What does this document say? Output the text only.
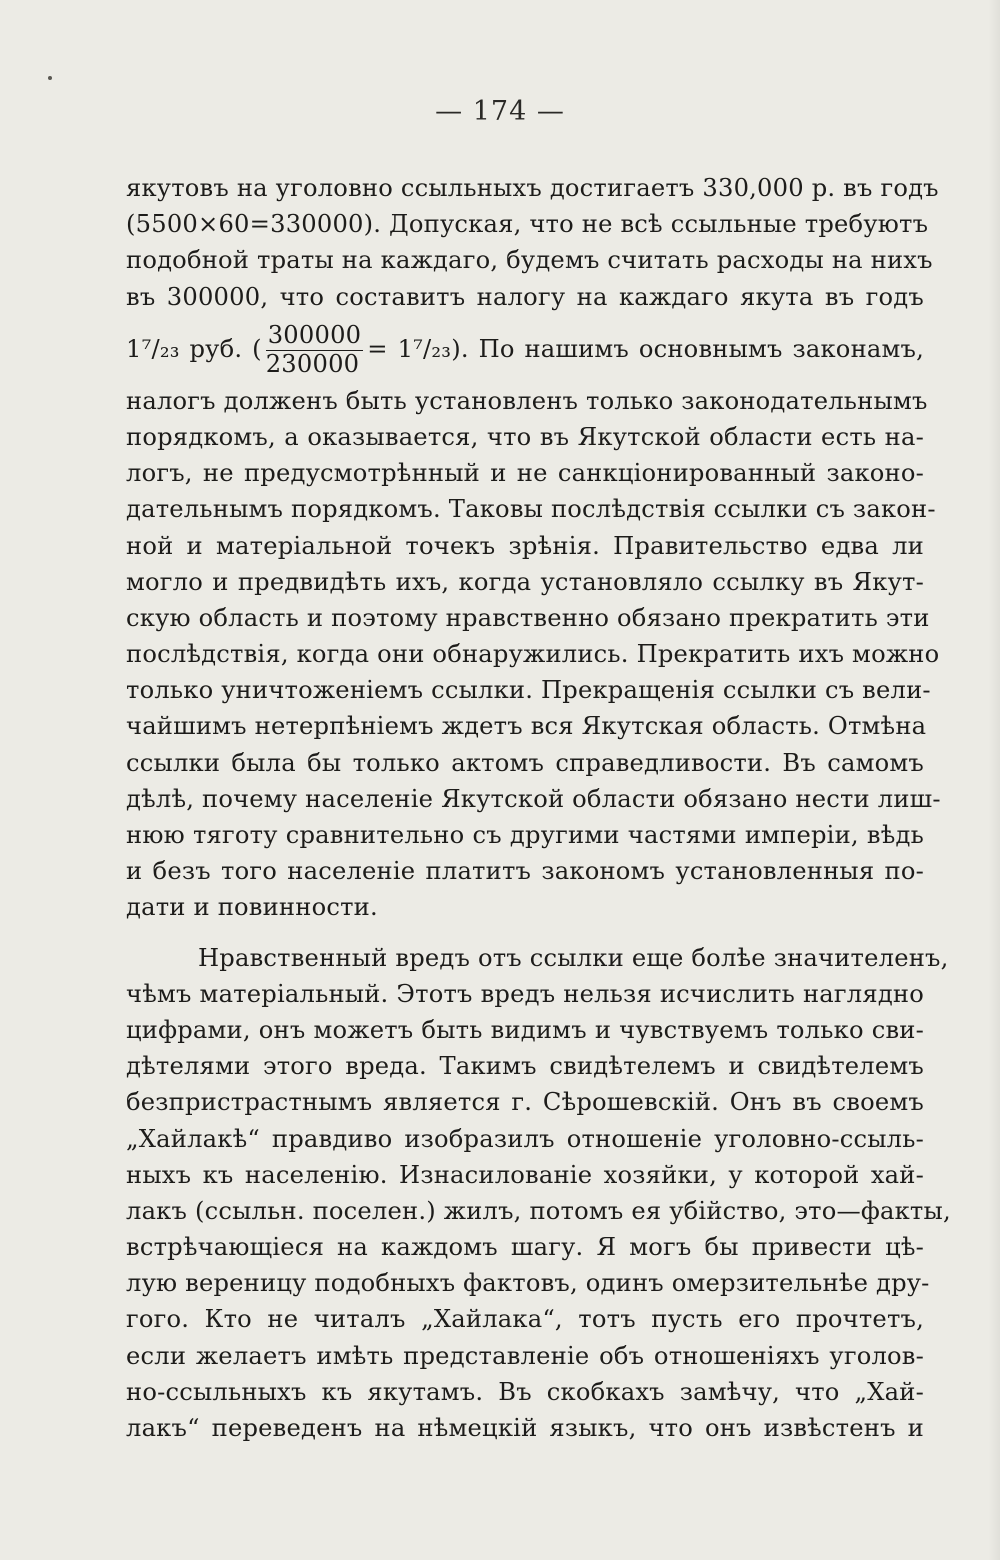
— 174 —
якутовъ на уголовно ссыльныхъ достигаетъ 330,000 р. въ годъ
(5500×60=330000). Допуская, что не всѣ ссыльные требуютъ
подобной траты на каждаго, будемъ считать расходы на нихъ
въ 300000, что составитъ налогу на каждаго якута въ годъ
1⁷/₂₃ руб. ( $\frac{300000}{230000} = 1^7/_{23}$). По нашимъ основнымъ законамъ,
налогъ долженъ быть установленъ только законодательнымъ
порядкомъ, а оказывается, что въ Якутской области есть на-
логъ, не предусмотрѣнный и не санкціонированный законо-
дательнымъ порядкомъ. Таковы послѣдствія ссылки съ закон-
ной и матеріальной точекъ зрѣнія. Правительство едва ли
могло и предвидѣть ихъ, когда установляло ссылку въ Якут-
скую область и поэтому нравственно обязано прекратить эти
послѣдствія, когда они обнаружились. Прекратить ихъ можно
только уничтоженіемъ ссылки. Прекращенія ссылки съ вели-
чайшимъ нетерпѣніемъ ждетъ вся Якутская область. Отмѣна
ссылки была бы только актомъ справедливости. Въ самомъ
дѣлѣ, почему населеніе Якутской области обязано нести лиш-
нюю тяготу сравнительно съ другими частями имперіи, вѣдь
и безъ того населеніе платитъ закономъ установленныя по-
дати и повинности.
Нравственный вредъ отъ ссылки еще болѣе значителенъ,
чѣмъ матеріальный. Этотъ вредъ нельзя исчислить наглядно
цифрами, онъ можетъ быть видимъ и чувствуемъ только сви-
дѣтелями этого вреда. Такимъ свидѣтелемъ и свидѣтелемъ
безпристрастнымъ является г. Сѣрошевскій. Онъ въ своемъ
„Хайлакѣ“ правдиво изобразилъ отношеніе уголовно-ссыль-
ныхъ къ населенію. Изнасилованіе хозяйки, у которой хай-
лакъ (ссыльн. поселен.) жилъ, потомъ ея убійство, это—факты,
встрѣчающіеся на каждомъ шагу. Я могъ бы привести цѣ-
лую вереницу подобныхъ фактовъ, одинъ омерзительнѣе дру-
гого. Кто не читалъ „Хайлака“, тотъ пусть его прочтетъ,
если желаетъ имѣть представленіе объ отношеніяхъ уголов-
но-ссыльныхъ къ якутамъ. Въ скобкахъ замѣчу, что „Хай-
лакъ“ переведенъ на нѣмецкій языкъ, что онъ извѣстенъ и
